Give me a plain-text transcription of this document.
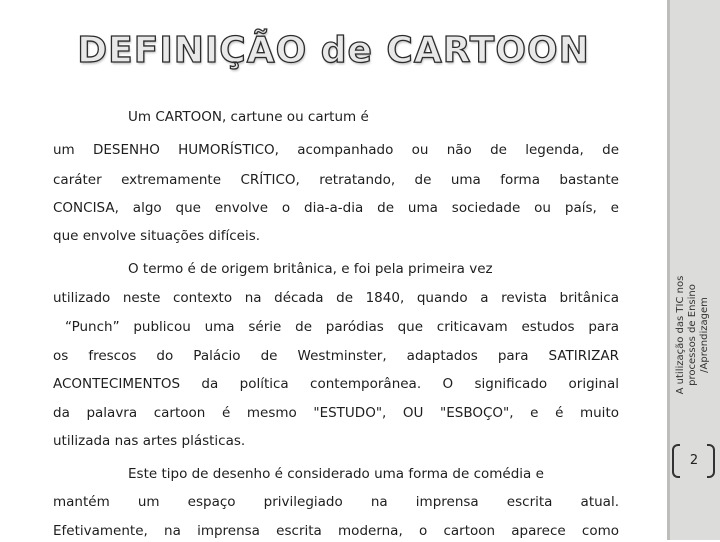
DEFINIÇÃO de CARTOON
Um CARTOON, cartune ou cartum é
um DESENHO HUMORÍSTICO, acompanhado ou não de legenda, de
caráter extremamente CRÍTICO, retratando, de uma forma bastante
CONCISA, algo que envolve o dia-a-dia de uma sociedade ou país, e
que envolve situações difíceis.
O termo é de origem britânica, e foi pela primeira vez
utilizado neste contexto na década de 1840, quando a revista britânica
“Punch” publicou uma série de paródias que criticavam estudos para
os frescos do Palácio de Westminster, adaptados para SATIRIZAR
ACONTECIMENTOS da política contemporânea. O significado original
da palavra cartoon é mesmo "ESTUDO", OU "ESBOÇO", e é muito
utilizada nas artes plásticas.
Este tipo de desenho é considerado uma forma de comédia e
mantém um espaço privilegiado na imprensa escrita atual.
Efetivamente, na imprensa escrita moderna, o cartoon aparece como
A utilização das TIC nos processos de Ensino /Aprendizagem
2
